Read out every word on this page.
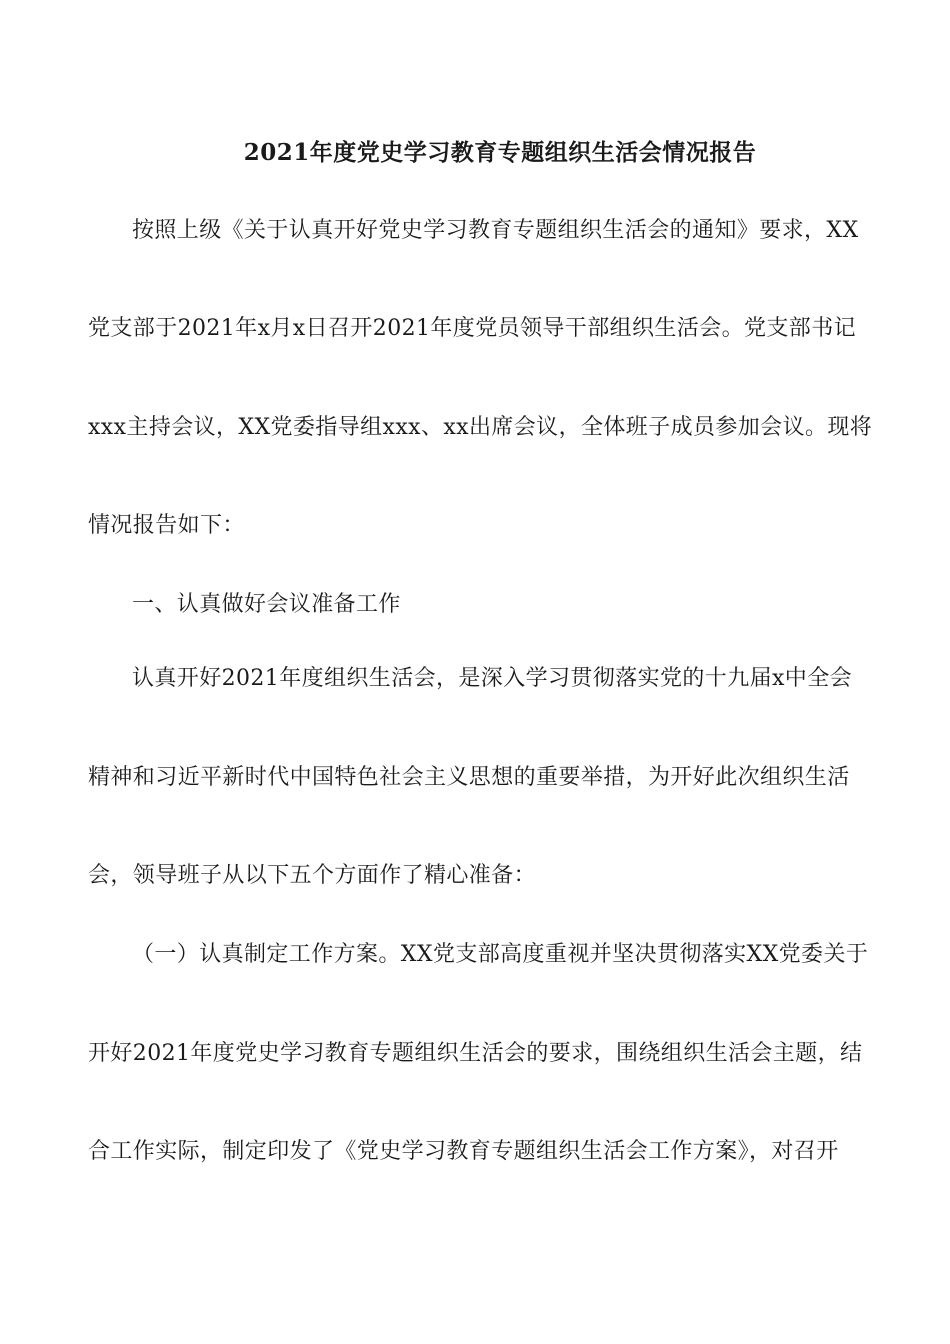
2021年度党史学习教育专题组织生活会情况报告
按照上级《关于认真开好党史学习教育专题组织生活会的通知》要求，XX
党支部于2021年x月x日召开2021年度党员领导干部组织生活会。党支部书记
xxx主持会议，XX党委指导组xxx、xx出席会议，全体班子成员参加会议。现将
情况报告如下：
一、认真做好会议准备工作
认真开好2021年度组织生活会，是深入学习贯彻落实党的十九届x中全会
精神和习近平新时代中国特色社会主义思想的重要举措，为开好此次组织生活
会，领导班子从以下五个方面作了精心准备：
（一）认真制定工作方案。XX党支部高度重视并坚决贯彻落实XX党委关于
开好2021年度党史学习教育专题组织生活会的要求，围绕组织生活会主题，结
合工作实际，制定印发了《党史学习教育专题组织生活会工作方案》，对召开
